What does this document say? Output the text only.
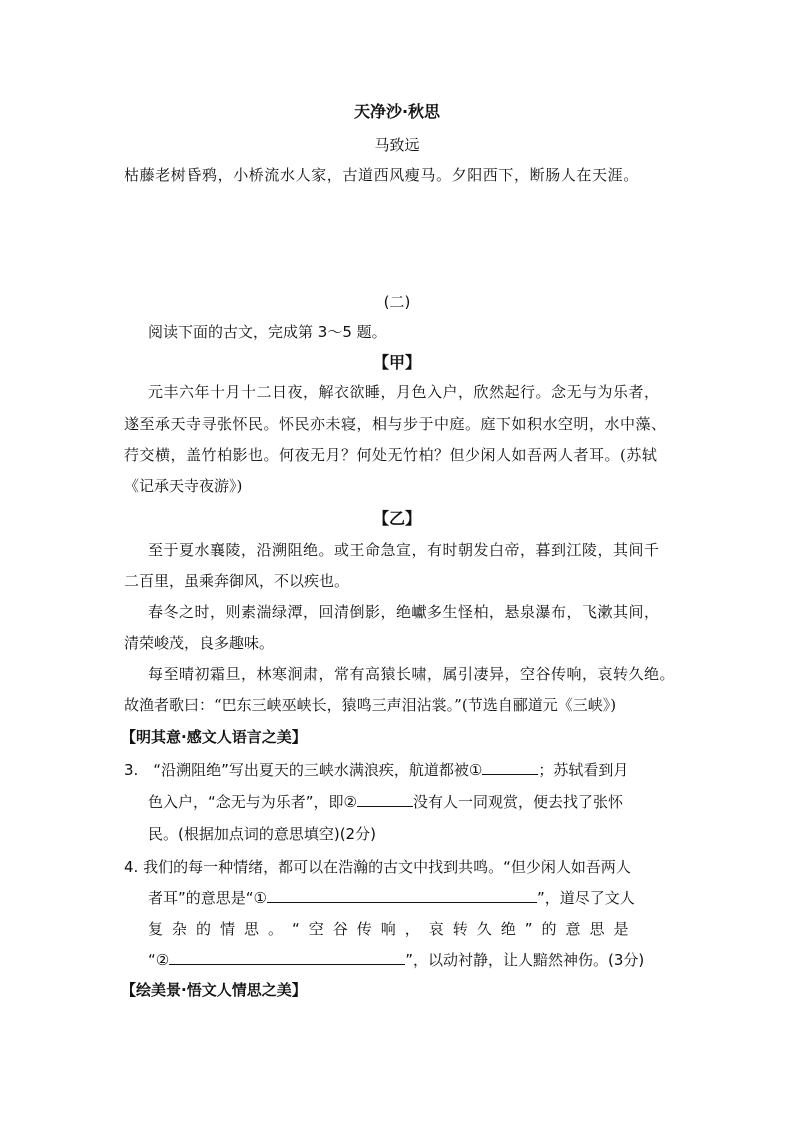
天净沙·秋思
马致远
枯藤老树昏鸦，小桥流水人家，古道西风瘦马。夕阳西下，断肠人在天涯。
(二)
阅读下面的古文，完成第 3～5 题。
【甲】
元丰六年十月十二日夜，解衣欲睡，月色入户，欣然起行。念无与为乐者，
遂至承天寺寻张怀民。怀民亦未寝，相与步于中庭。庭下如积水空明，水中藻、
荇交横，盖竹柏影也。何夜无月？何处无竹柏？但少闲人如吾两人者耳。(苏轼
《记承天寺夜游》)
【乙】
至于夏水襄陵，沿溯阻绝。或王命急宣，有时朝发白帝，暮到江陵，其间千
二百里，虽乘奔御风，不以疾也。
春冬之时，则素湍绿潭，回清倒影，绝巘多生怪柏，悬泉瀑布，飞漱其间，
清荣峻茂，良多趣味。
每至晴初霜旦，林寒涧肃，常有高猿长啸，属引凄异，空谷传响，哀转久绝。
故渔者歌曰：“巴东三峡巫峡长，猿鸣三声泪沾裳。”(节选自郦道元《三峡》)
【明其意·感文人语言之美】
3.　“沿溯阻绝”写出夏天的三峡水满浪疾，航道都被①	；苏轼看到月
色入户，“念无与为乐者”，即②	没有人一同观赏，便去找了张怀
民。(根据加点词的意思填空)(2分)
4. 我们的每一种情绪，都可以在浩瀚的古文中找到共鸣。“但少闲人如吾两人
者耳”的意思是“①	”，道尽了文人
复杂的情思。“空谷传响，哀转久绝”的意思是
“②	”，以动衬静，让人黯然神伤。(3分)
【绘美景·悟文人情思之美】
